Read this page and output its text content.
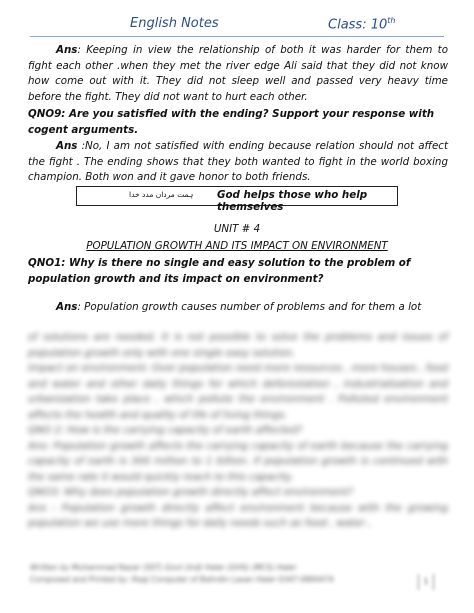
English Notes	Class: 10th

Ans: Keeping in view the relationship of both it was harder for them to fight each other .when they met the river edge Ali said that they did not know how come out with it. They did not sleep well and passed very heavy time before the fight. They did not want to hurt each other.

QNO9: Are you satisfied with the ending? Support your response with cogent arguments.

Ans :No, I am not satisfied with ending because relation should not affect the fight . The ending shows that they both wanted to fight in the world boxing champion. Both won and it gave honor to both friends.

ہمت مرداں مدد خدا God helps those who help themselves
UNIT # 4
POPULATION GROWTH AND ITS IMPACT ON ENVIRONMENT

QNO1: Why is there no single and easy solution to the problem of population growth and its impact on environment?

Ans: Population growth causes number of problems and for them a lot

of solutions are needed. It is not possible to solve the problems and issues of population growth only with one single easy solution.

Impact on environment: Over population need more resources , more houses , food and water and other daily things for which deforestation , industrialization and urbanization take place , which pollute the environment . Polluted environment affects the health and quality of life of living things.

QNO 2: How is the carrying capacity of earth affected?

Ans: Population growth affects the carrying capacity of earth because the carrying capacity of earth is 300 million to 1 billion. If population growth is continued with the same rate it would quickly reach to this capacity.

QNO3: Why does population growth directly affect environment?

Ans : Population growth directly affect environment because with the growing population we use more things for daily needs such as food , water ,

Written by Muhammad Nazar (SST) Govt (lnd) Haler (GHS) (MCS) Haler
Composed and Printed by: Raaj Computer of Bahrdin Lasan Haler 0347-0884474	1
